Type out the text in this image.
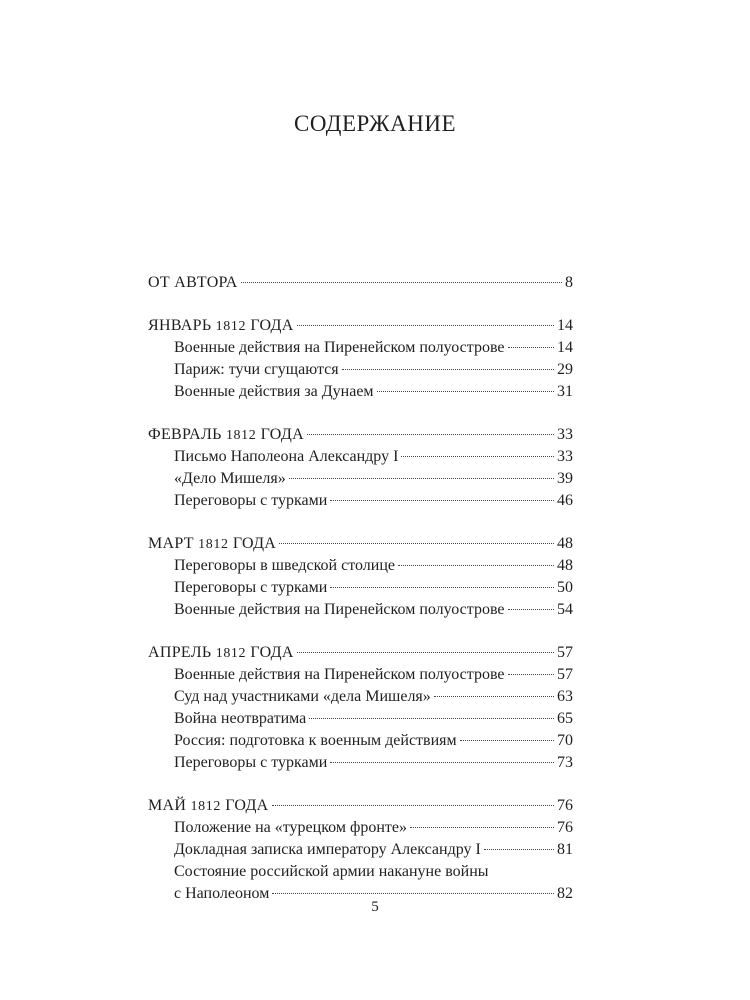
СОДЕРЖАНИЕ
ОТ АВТОРА	8
ЯНВАРЬ 1812 ГОДА	14
Военные действия на Пиренейском полуострове	14
Париж: тучи сгущаются	29
Военные действия за Дунаем	31
ФЕВРАЛЬ 1812 ГОДА	33
Письмо Наполеона Александру I	33
«Дело Мишеля»	39
Переговоры с турками	46
МАРТ 1812 ГОДА	48
Переговоры в шведской столице	48
Переговоры с турками	50
Военные действия на Пиренейском полуострове	54
АПРЕЛЬ 1812 ГОДА	57
Военные действия на Пиренейском полуострове	57
Суд над участниками «дела Мишеля»	63
Война неотвратима	65
Россия: подготовка к военным действиям	70
Переговоры с турками	73
МАЙ 1812 ГОДА	76
Положение на «турецком фронте»	76
Докладная записка императору Александру I	81
Состояние российской армии накануне войны
с Наполеоном	82
5
